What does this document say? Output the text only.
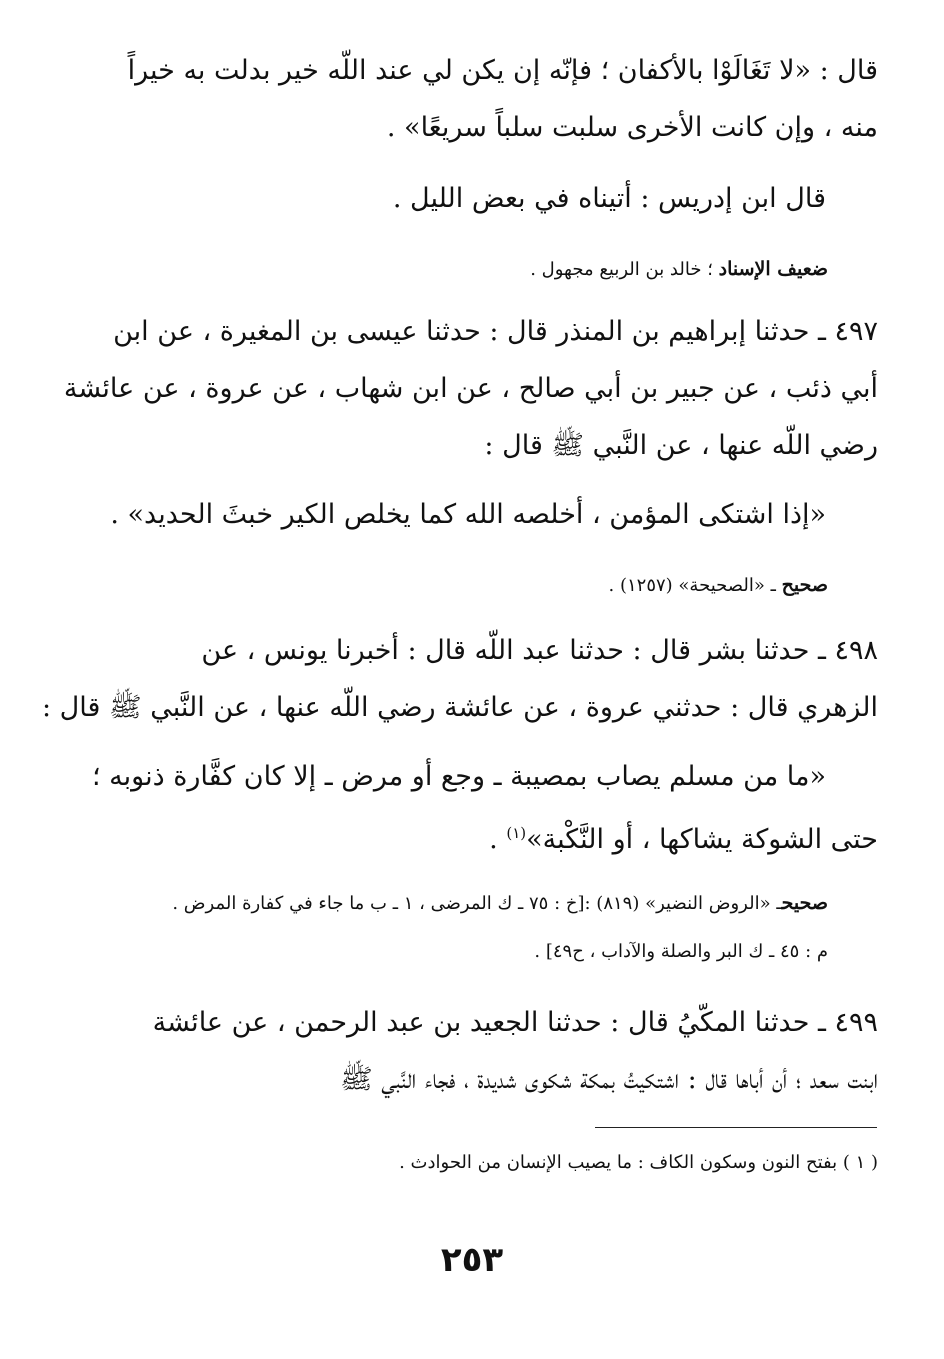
قال : «لا تَغَالَوْا بالأكفان ؛ فإنّه إن يكن لي عند اللّه خير بدلت به خيراً
منه ، وإن كانت الأخرى سلبت سلباً سريعًا» .
قال ابن إدريس : أتيناه في بعض الليل .
ضعيف الإسناد ؛ خالد بن الربيع مجهول .
٤٩٧ ـ حدثنا إبراهيم بن المنذر قال : حدثنا عيسى بن المغيرة ، عن ابن
أبي ذئب ، عن جبير بن أبي صالح ، عن ابن شهاب ، عن عروة ، عن عائشة
رضي اللّه عنها ، عن النَّبي ﷺ قال :
«إذا اشتكى المؤمن ، أخلصه الله كما يخلص الكير خبثَ الحديد» .
صحيح ـ «الصحيحة» (١٢٥٧) .
٤٩٨ ـ حدثنا بشر قال : حدثنا عبد اللّه قال : أخبرنا يونس ، عن
الزهري قال : حدثني عروة ، عن عائشة رضي اللّه عنها ، عن النَّبي ﷺ قال :
«ما من مسلم يصاب بمصيبة ـ وجع أو مرض ـ إلا كان كفَّارة ذنوبه ؛
حتى الشوكة يشاكها ، أو النَّكْبة»$^{(١)}$ .
صحيحـ «الروض النضير» (٨١٩) :[خ : ٧٥ ـ ك المرضى ، ١ ـ ب ما جاء في كفارة المرض .
م : ٤٥ ـ ك البر والصلة والآداب ، ح٤٩] .
٤٩٩ ـ حدثنا المكّيُ قال : حدثنا الجعيد بن عبد الرحمن ، عن عائشة
ابنت سعد ؛ أن أباها قال : اشتكيتُ بمكة شكوى شديدة ، فجاء النَّبي ﷺ
( ١ ) بفتح النون وسكون الكاف : ما يصيب الإنسان من الحوادث .
٢٥٣
